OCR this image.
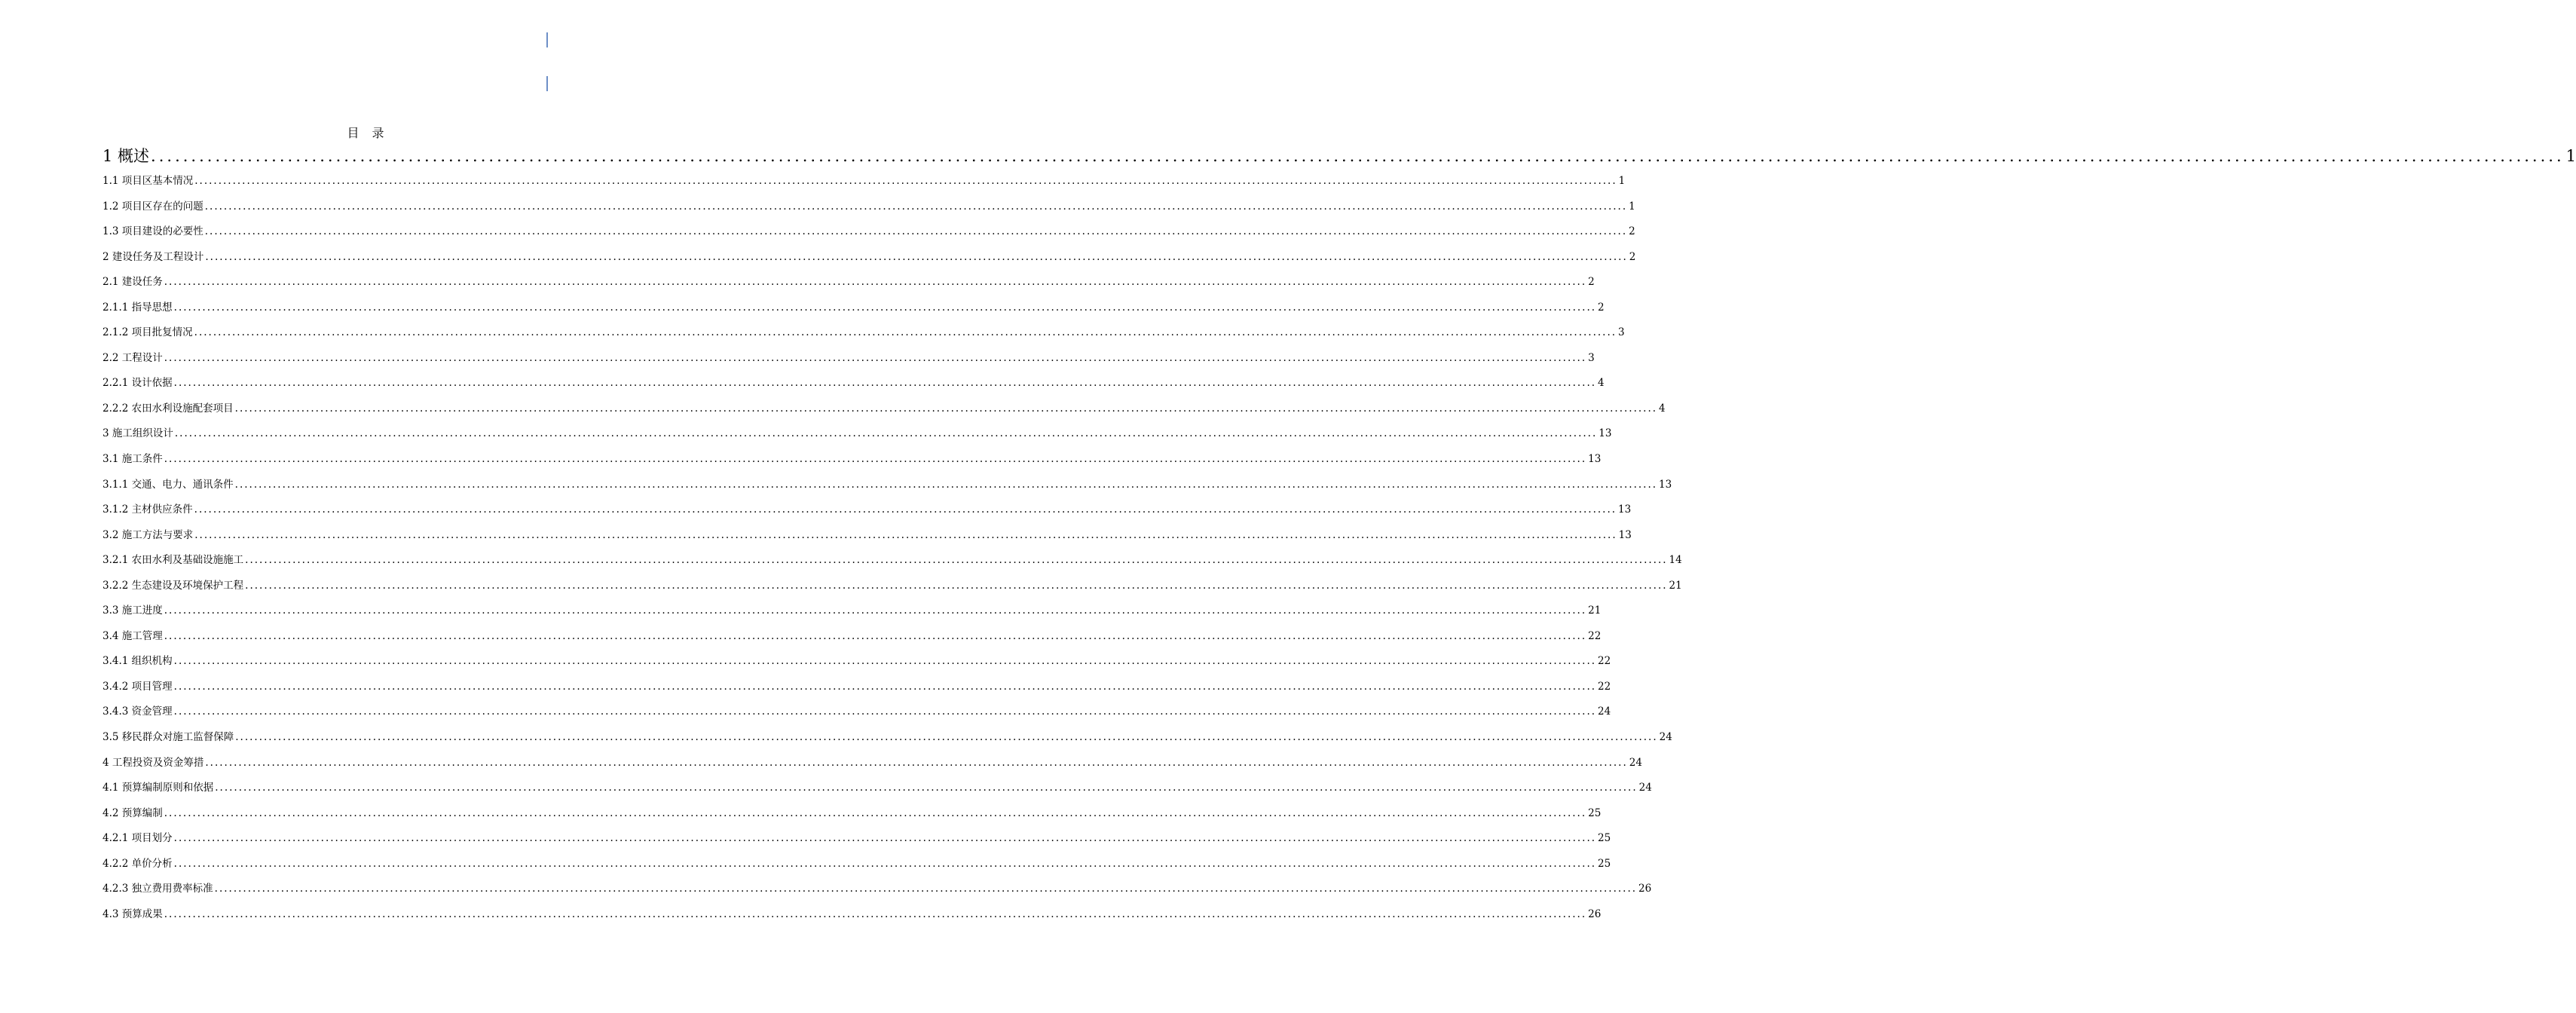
目 录
1 概述 ............................................................................................................................................................................................................................................................................................................ 1
1.1 项目区基本情况 ............................................................................................................................................................................................................................................................................................................ 1
1.2 项目区存在的问题 ............................................................................................................................................................................................................................................................................................................ 1
1.3 项目建设的必要性 ............................................................................................................................................................................................................................................................................................................ 2
2 建设任务及工程设计 ............................................................................................................................................................................................................................................................................................................ 2
2.1 建设任务 ............................................................................................................................................................................................................................................................................................................ 2
2.1.1 指导思想 ............................................................................................................................................................................................................................................................................................................ 2
2.1.2 项目批复情况 ............................................................................................................................................................................................................................................................................................................ 3
2.2 工程设计 ............................................................................................................................................................................................................................................................................................................ 3
2.2.1 设计依据 ............................................................................................................................................................................................................................................................................................................ 4
2.2.2 农田水利设施配套项目 ............................................................................................................................................................................................................................................................................................................ 4
3 施工组织设计 ............................................................................................................................................................................................................................................................................................................ 13
3.1 施工条件 ............................................................................................................................................................................................................................................................................................................ 13
3.1.1 交通、电力、通讯条件 ............................................................................................................................................................................................................................................................................................................ 13
3.1.2 主材供应条件 ............................................................................................................................................................................................................................................................................................................ 13
3.2 施工方法与要求 ............................................................................................................................................................................................................................................................................................................ 13
3.2.1 农田水利及基础设施施工 ............................................................................................................................................................................................................................................................................................................ 14
3.2.2 生态建设及环境保护工程 ............................................................................................................................................................................................................................................................................................................ 21
3.3 施工进度 ............................................................................................................................................................................................................................................................................................................ 21
3.4 施工管理 ............................................................................................................................................................................................................................................................................................................ 22
3.4.1 组织机构 ............................................................................................................................................................................................................................................................................................................ 22
3.4.2 项目管理 ............................................................................................................................................................................................................................................................................................................ 22
3.4.3 资金管理 ............................................................................................................................................................................................................................................................................................................ 24
3.5 移民群众对施工监督保障 ............................................................................................................................................................................................................................................................................................................ 24
4 工程投资及资金筹措 ............................................................................................................................................................................................................................................................................................................ 24
4.1 预算编制原则和依据 ............................................................................................................................................................................................................................................................................................................ 24
4.2 预算编制 ............................................................................................................................................................................................................................................................................................................ 25
4.2.1 项目划分 ............................................................................................................................................................................................................................................................................................................ 25
4.2.2 单价分析 ............................................................................................................................................................................................................................................................................................................ 25
4.2.3 独立费用费率标准 ............................................................................................................................................................................................................................................................................................................ 26
4.3 预算成果 ............................................................................................................................................................................................................................................................................................................ 26
